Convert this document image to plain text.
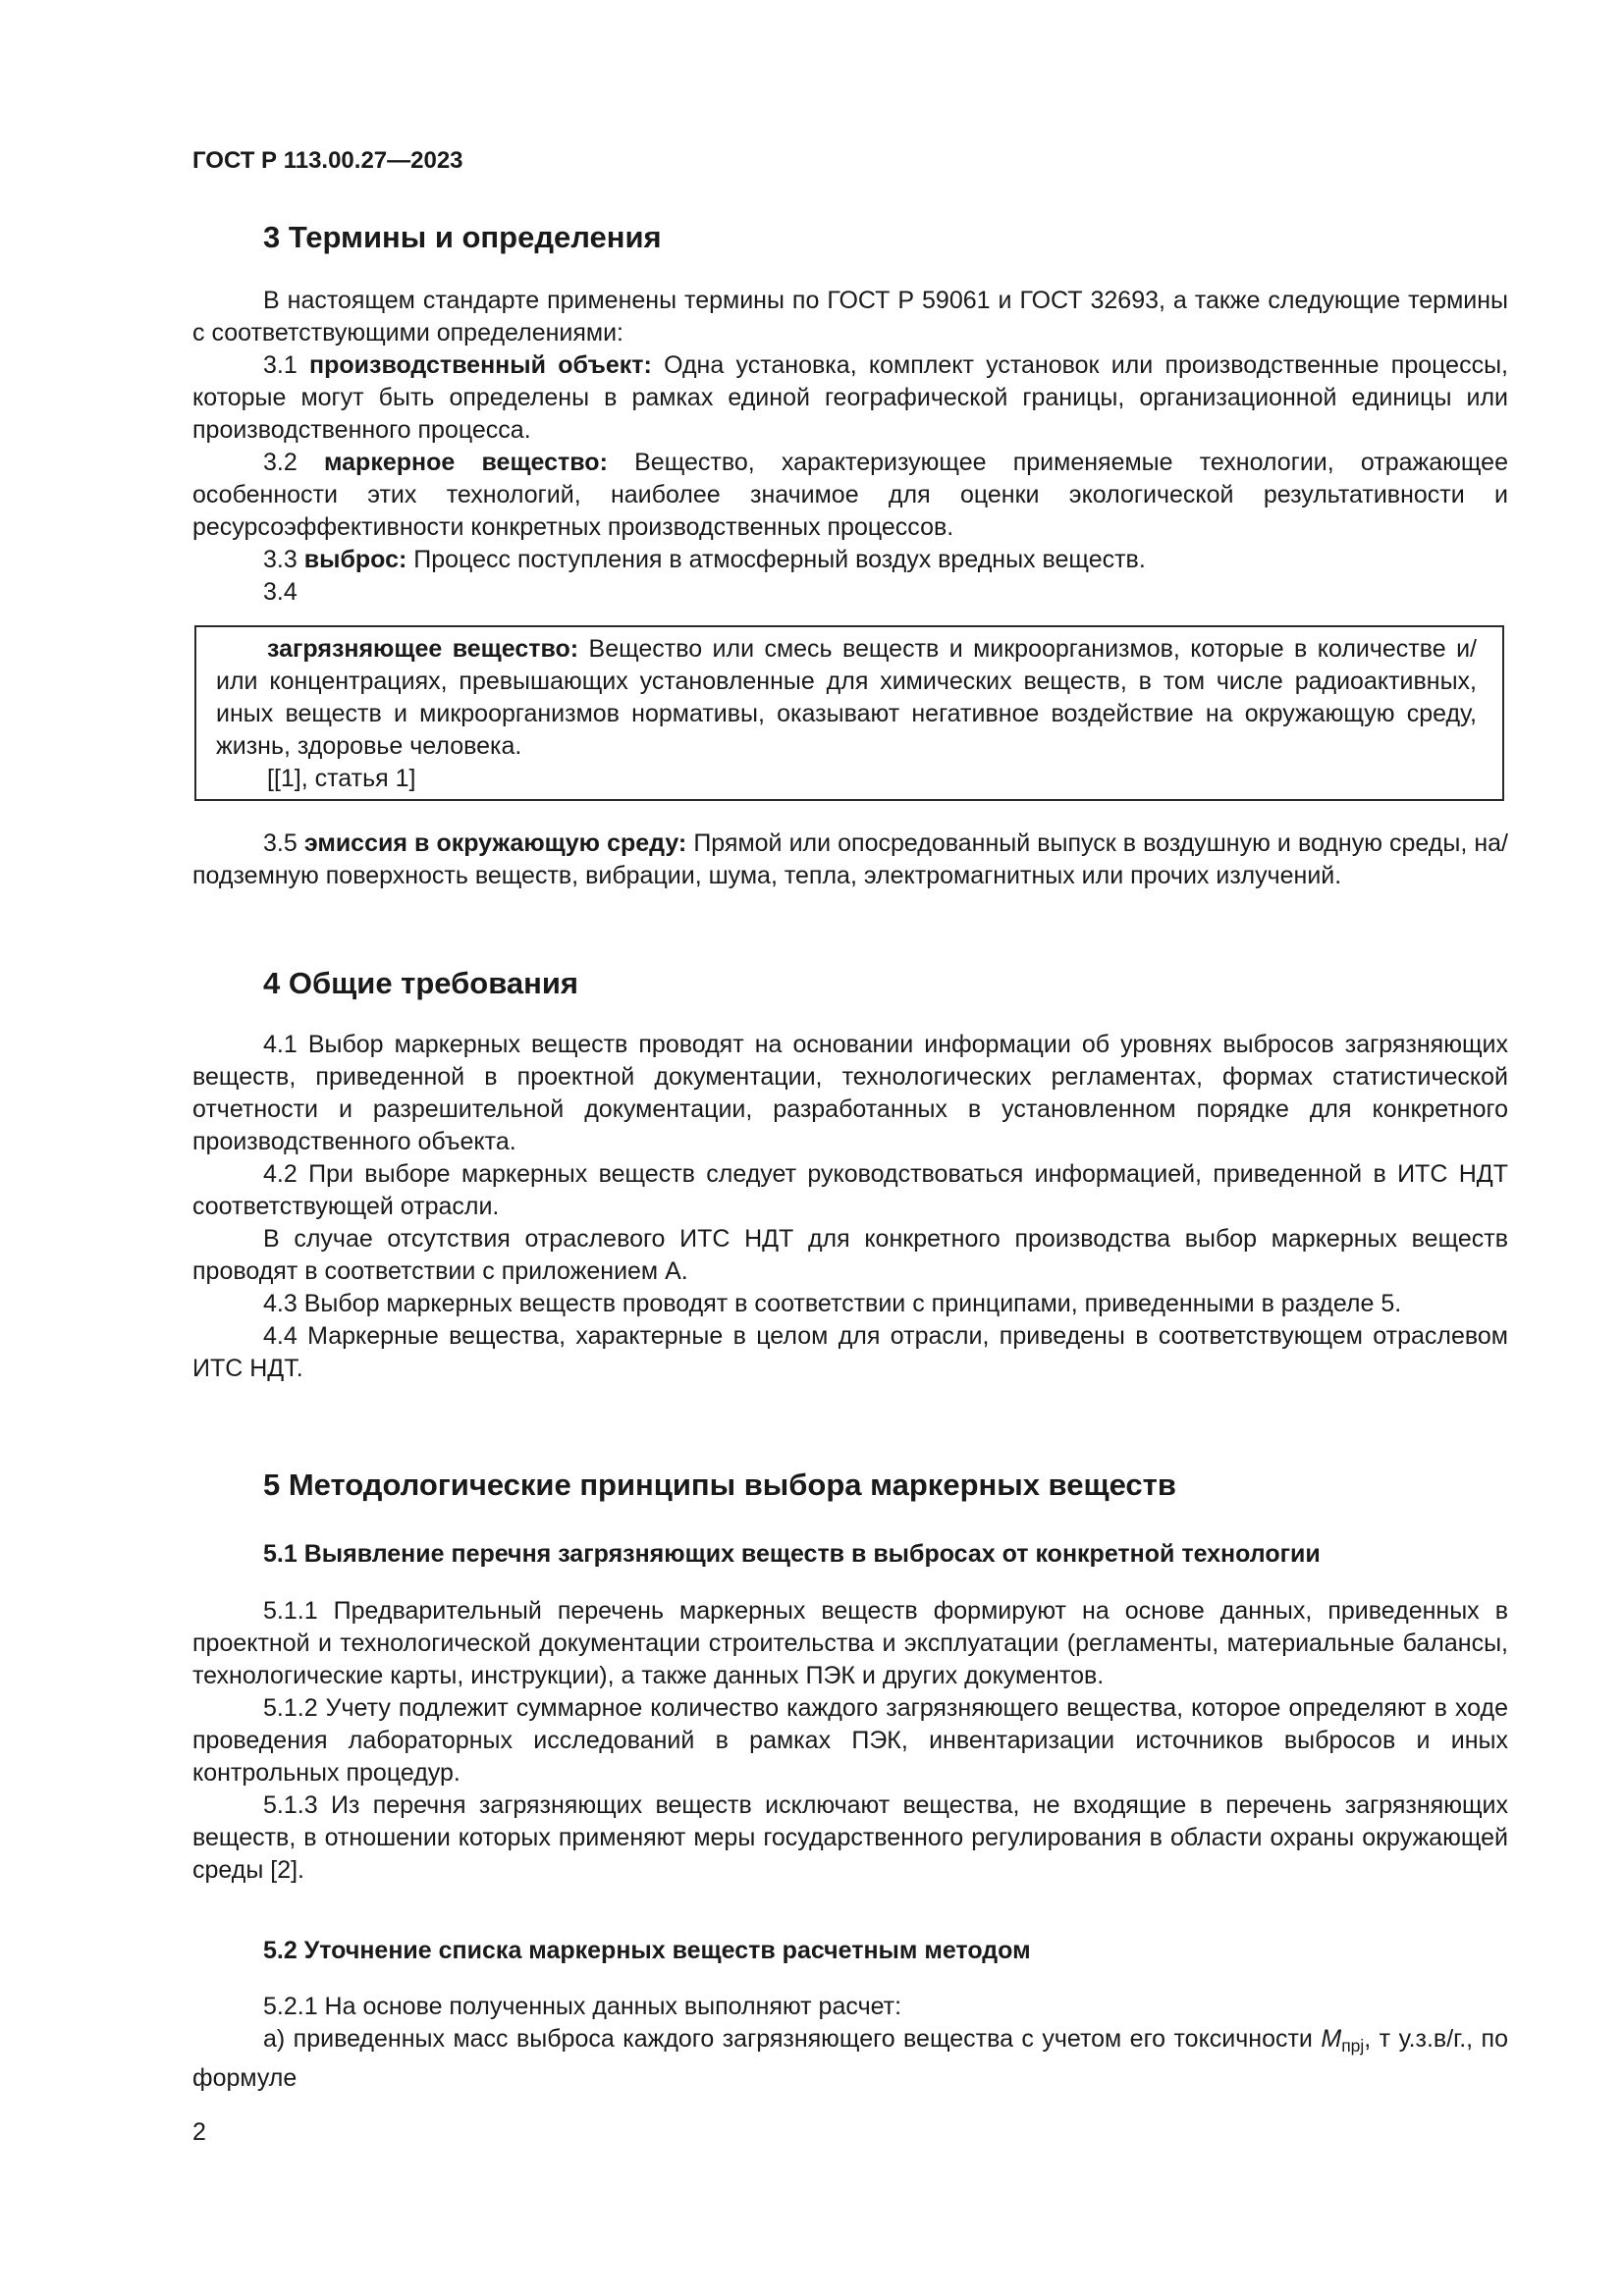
ГОСТ Р 113.00.27—2023
3 Термины и определения

В настоящем стандарте применены термины по ГОСТ Р 59061 и ГОСТ 32693, а также следующие термины с соответствующими определениями:

3.1 производственный объект: Одна установка, комплект установок или производственные процессы, которые могут быть определены в рамках единой географической границы, организационной единицы или производственного процесса.

3.2 маркерное вещество: Вещество, характеризующее применяемые технологии, отражающее особенности этих технологий, наиболее значимое для оценки экологической результативности и ресурсоэффективности конкретных производственных процессов.

3.3 выброс: Процесс поступления в атмосферный воздух вредных веществ.

3.4

загрязняющее вещество: Вещество или смесь веществ и микроорганизмов, которые в количестве и/или концентрациях, превышающих установленные для химических веществ, в том числе радиоактивных, иных веществ и микроорганизмов нормативы, оказывают негативное воздействие на окружающую среду, жизнь, здоровье человека.

[[1], статья 1]

3.5 эмиссия в окружающую среду: Прямой или опосредованный выпуск в воздушную и водную среды, на/подземную поверхность веществ, вибрации, шума, тепла, электромагнитных или прочих излучений.

4 Общие требования

4.1 Выбор маркерных веществ проводят на основании информации об уровнях выбросов загрязняющих веществ, приведенной в проектной документации, технологических регламентах, формах статистической отчетности и разрешительной документации, разработанных в установленном порядке для конкретного производственного объекта.

4.2 При выборе маркерных веществ следует руководствоваться информацией, приведенной в ИТС НДТ соответствующей отрасли.

В случае отсутствия отраслевого ИТС НДТ для конкретного производства выбор маркерных веществ проводят в соответствии с приложением А.

4.3 Выбор маркерных веществ проводят в соответствии с принципами, приведенными в разделе 5.

4.4 Маркерные вещества, характерные в целом для отрасли, приведены в соответствующем отраслевом ИТС НДТ.

5 Методологические принципы выбора маркерных веществ
5.1 Выявление перечня загрязняющих веществ в выбросах от конкретной технологии

5.1.1 Предварительный перечень маркерных веществ формируют на основе данных, приведенных в проектной и технологической документации строительства и эксплуатации (регламенты, материальные балансы, технологические карты, инструкции), а также данных ПЭК и других документов.

5.1.2 Учету подлежит суммарное количество каждого загрязняющего вещества, которое определяют в ходе проведения лабораторных исследований в рамках ПЭК, инвентаризации источников выбросов и иных контрольных процедур.

5.1.3 Из перечня загрязняющих веществ исключают вещества, не входящие в перечень загрязняющих веществ, в отношении которых применяют меры государственного регулирования в области охраны окружающей среды [2].

5.2 Уточнение списка маркерных веществ расчетным методом

5.2.1 На основе полученных данных выполняют расчет:

а) приведенных масс выброса каждого загрязняющего вещества с учетом его токсичности $M_{прj}$, т у.з.в/г., по формуле

2
